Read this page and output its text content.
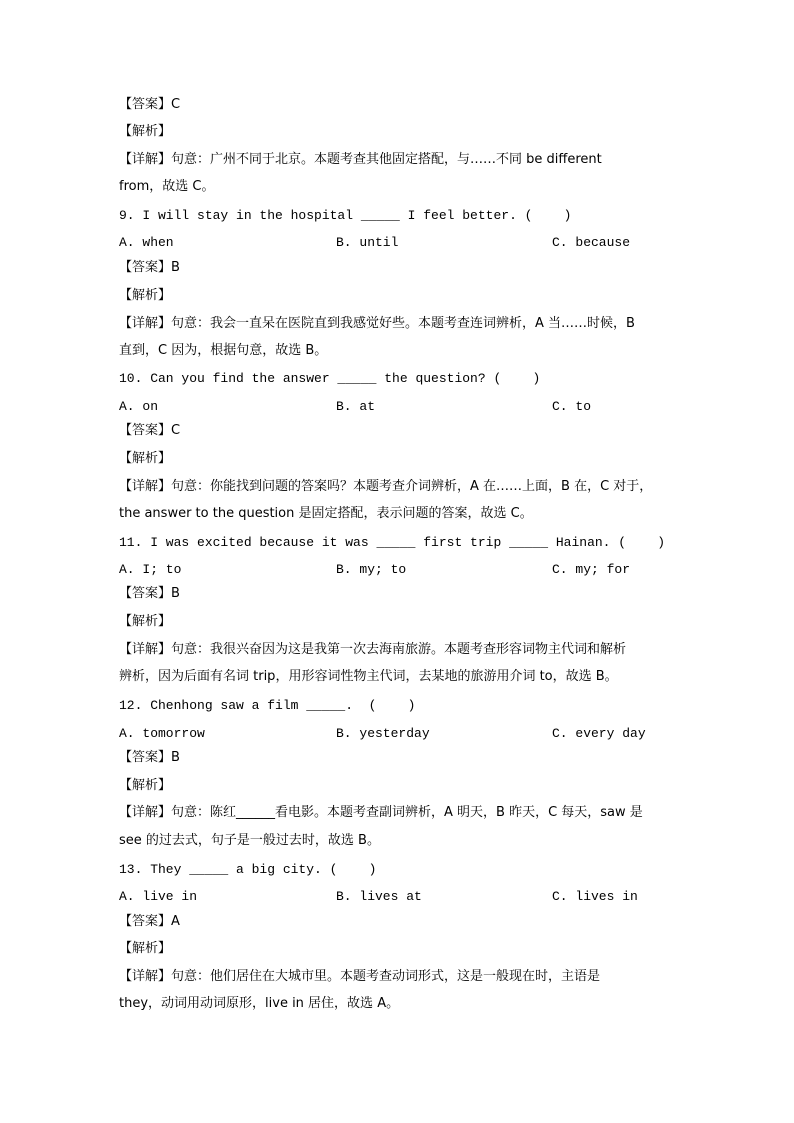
【答案】C
【解析】
【详解】句意：广州不同于北京。本题考查其他固定搭配，与……不同 be different
from，故选 C。
9. I will stay in the hospital _____ I feel better. (    )
A. when	B. until	C. because
【答案】B
【解析】
【详解】句意：我会一直呆在医院直到我感觉好些。本题考查连词辨析，A 当……时候，B
直到，C 因为，根据句意，故选 B。
10. Can you find the answer _____ the question? (    )
A. on	B. at	C. to
【答案】C
【解析】
【详解】句意：你能找到问题的答案吗？本题考查介词辨析，A 在……上面，B 在，C 对于，
the answer to the question 是固定搭配，表示问题的答案，故选 C。
11. I was excited because it was _____ first trip _____ Hainan. (    )
A. I; to	B. my; to	C. my; for
【答案】B
【解析】
【详解】句意：我很兴奋因为这是我第一次去海南旅游。本题考查形容词物主代词和解析
辨析，因为后面有名词 trip，用形容词性物主代词，去某地的旅游用介词 to，故选 B。
12. Chenhong saw a film _____.  (    )
A. tomorrow	B. yesterday	C. every day
【答案】B
【解析】
【详解】句意：陈红______看电影。本题考查副词辨析，A 明天，B 昨天，C 每天，saw 是
see 的过去式，句子是一般过去时，故选 B。
13. They _____ a big city. (    )
A. live in	B. lives at	C. lives in
【答案】A
【解析】
【详解】句意：他们居住在大城市里。本题考查动词形式，这是一般现在时，主语是
they，动词用动词原形，live in 居住，故选 A。
